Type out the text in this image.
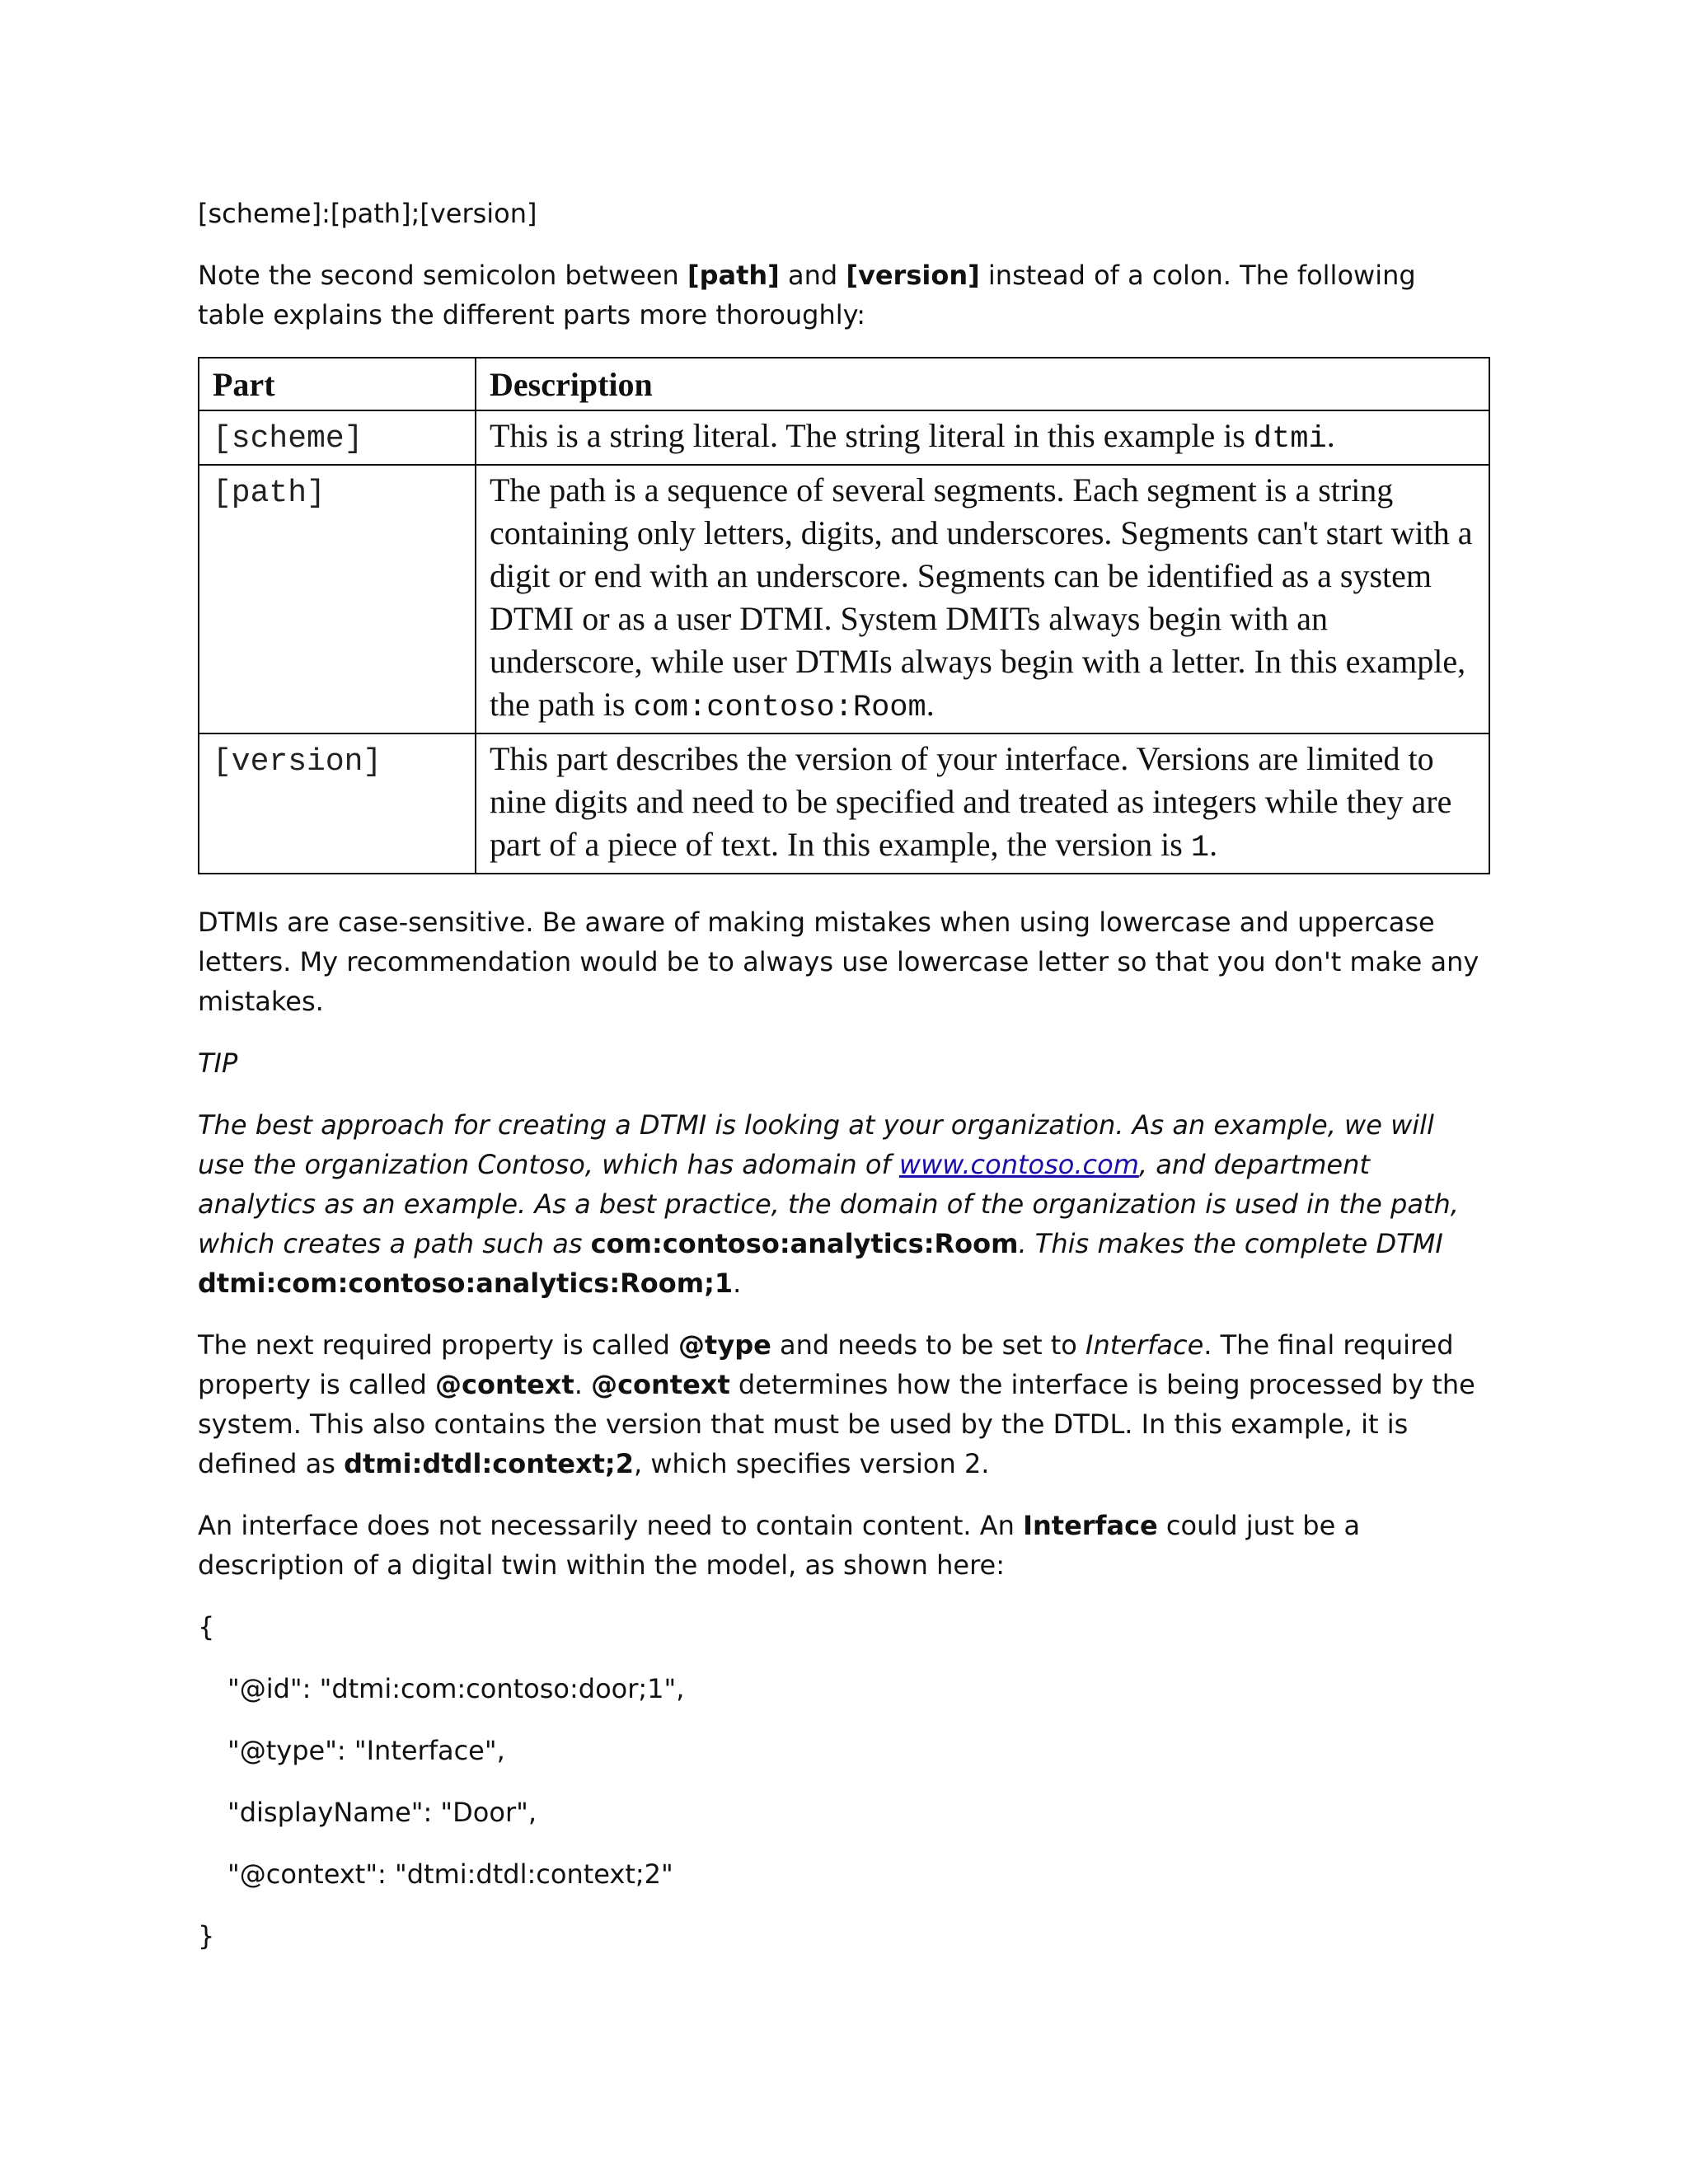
[scheme]:[path];[version]

Note the second semicolon between [path] and [version] instead of a colon. The following table explains the different parts more thoroughly:

Part	Description
[scheme]	This is a string literal. The string literal in this example is dtmi.
[path]	The path is a sequence of several segments. Each segment is a string containing only letters, digits, and underscores. Segments can't start with a digit or end with an underscore. Segments can be identified as a system DTMI or as a user DTMI. System DMITs always begin with an underscore, while user DTMIs always begin with a letter. In this example, the path is com:contoso:Room.
[version]	This part describes the version of your interface. Versions are limited to nine digits and need to be specified and treated as integers while they are part of a piece of text. In this example, the version is 1.

DTMIs are case-sensitive. Be aware of making mistakes when using lowercase and uppercase letters. My recommendation would be to always use lowercase letter so that you don't make any mistakes.

TIP

The best approach for creating a DTMI is looking at your organization. As an example, we will use the organization Contoso, which has adomain of www.contoso.com, and department analytics as an example. As a best practice, the domain of the organization is used in the path, which creates a path such as com:contoso:analytics:Room. This makes the complete DTMI dtmi:com:contoso:analytics:Room;1.

The next required property is called @type and needs to be set to Interface. The final required property is called @context. @context determines how the interface is being processed by the system. This also contains the version that must be used by the DTDL. In this example, it is defined as dtmi:dtdl:context;2, which specifies version 2.

An interface does not necessarily need to contain content. An Interface could just be a description of a digital twin within the model, as shown here:

{

"@id": "dtmi:com:contoso:door;1",

"@type": "Interface",

"displayName": "Door",

"@context": "dtmi:dtdl:context;2"

}
